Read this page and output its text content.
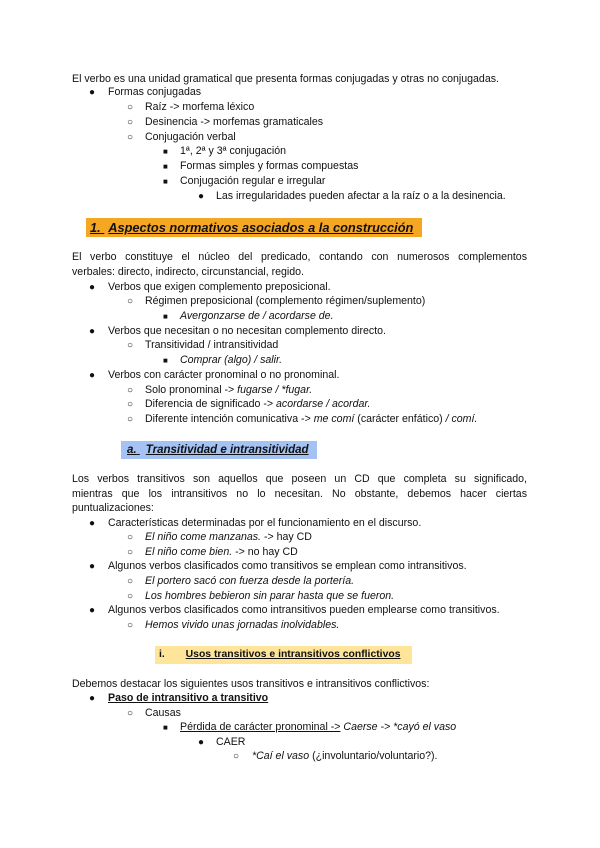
El verbo es una unidad gramatical que presenta formas conjugadas y otras no conjugadas.
● Formas conjugadas
○ Raíz -> morfema léxico
○ Desinencia -> morfemas gramaticales
○ Conjugación verbal
■ 1ª, 2ª y 3ª conjugación
■ Formas simples y formas compuestas
■ Conjugación regular e irregular
● Las irregularidades pueden afectar a la raíz o a la desinencia.
1. Aspectos normativos asociados a la construcción
El verbo constituye el núcleo del predicado, contando con numerosos complementos
verbales: directo, indirecto, circunstancial, regido.
● Verbos que exigen complemento preposicional.
○ Régimen preposicional (complemento régimen/suplemento)
■ Avergonzarse de / acordarse de.
● Verbos que necesitan o no necesitan complemento directo.
○ Transitividad / intransitividad
■ Comprar (algo) / salir.
● Verbos con carácter pronominal o no pronominal.
○ Solo pronominal -> fugarse / *fugar.
○ Diferencia de significado -> acordarse / acordar.
○ Diferente intención comunicativa -> me comí (carácter enfático) / comí.
a. Transitividad e intransitividad
Los verbos transitivos son aquellos que poseen un CD que completa su significado,
mientras que los intransitivos no lo necesitan. No obstante, debemos hacer ciertas
puntualizaciones:
● Características determinadas por el funcionamiento en el discurso.
○ El niño come manzanas. -> hay CD
○ El niño come bien. -> no hay CD
● Algunos verbos clasificados como transitivos se emplean como intransitivos.
○ El portero sacó con fuerza desde la portería.
○ Los hombres bebieron sin parar hasta que se fueron.
● Algunos verbos clasificados como intransitivos pueden emplearse como transitivos.
○ Hemos vivido unas jornadas inolvidables.
i. Usos transitivos e intransitivos conflictivos
Debemos destacar los siguientes usos transitivos e intransitivos conflictivos:
● Paso de intransitivo a transitivo
○ Causas
■ Pérdida de carácter pronominal -> Caerse -> *cayó el vaso
● CAER
○ *Caí el vaso (¿involuntario/voluntario?).
